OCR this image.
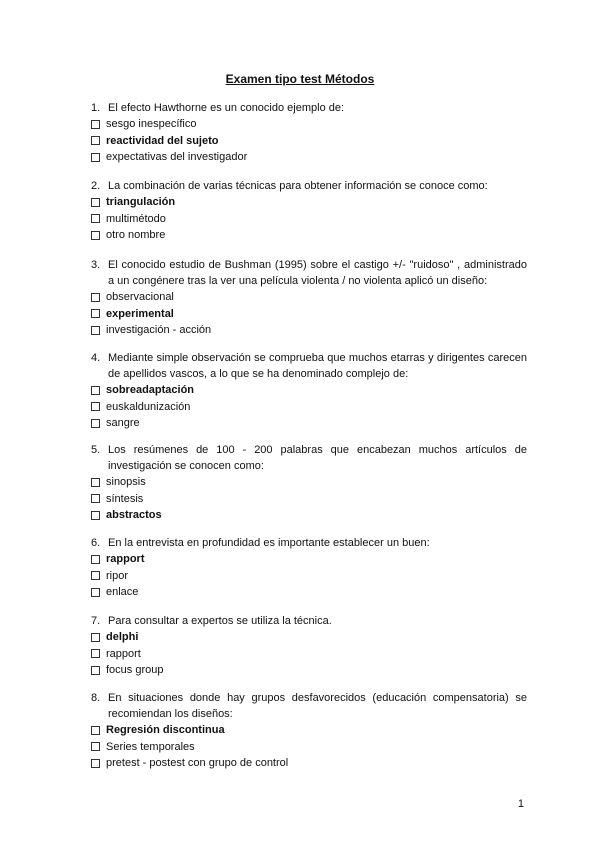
Examen tipo test Métodos
1. El efecto Hawthorne es un conocido ejemplo de:
sesgo inespecífico
reactividad del sujeto
expectativas del investigador
2. La combinación de varias técnicas para obtener información se conoce como:
triangulación
multimétodo
otro nombre
3. El conocido estudio de Bushman (1995) sobre el castigo +/- "ruidoso" , administrado a un congénere tras la ver una película violenta / no violenta aplicó un diseño:
observacional
experimental
investigación - acción
4. Mediante simple observación se comprueba que muchos etarras y dirigentes carecen de apellidos vascos, a lo que se ha denominado complejo de:
sobreadaptación
euskaldunización
sangre
5. Los resúmenes de 100 - 200 palabras que encabezan muchos artículos de investigación se conocen como:
sinopsis
síntesis
abstractos
6. En la entrevista en profundidad es importante establecer un buen:
rapport
ripor
enlace
7. Para consultar a expertos se utiliza la técnica.
delphi
rapport
focus group
8. En situaciones donde hay grupos desfavorecidos (educación compensatoria) se recomiendan los diseños:
Regresión discontinua
Series temporales
pretest - postest con grupo de control
1
